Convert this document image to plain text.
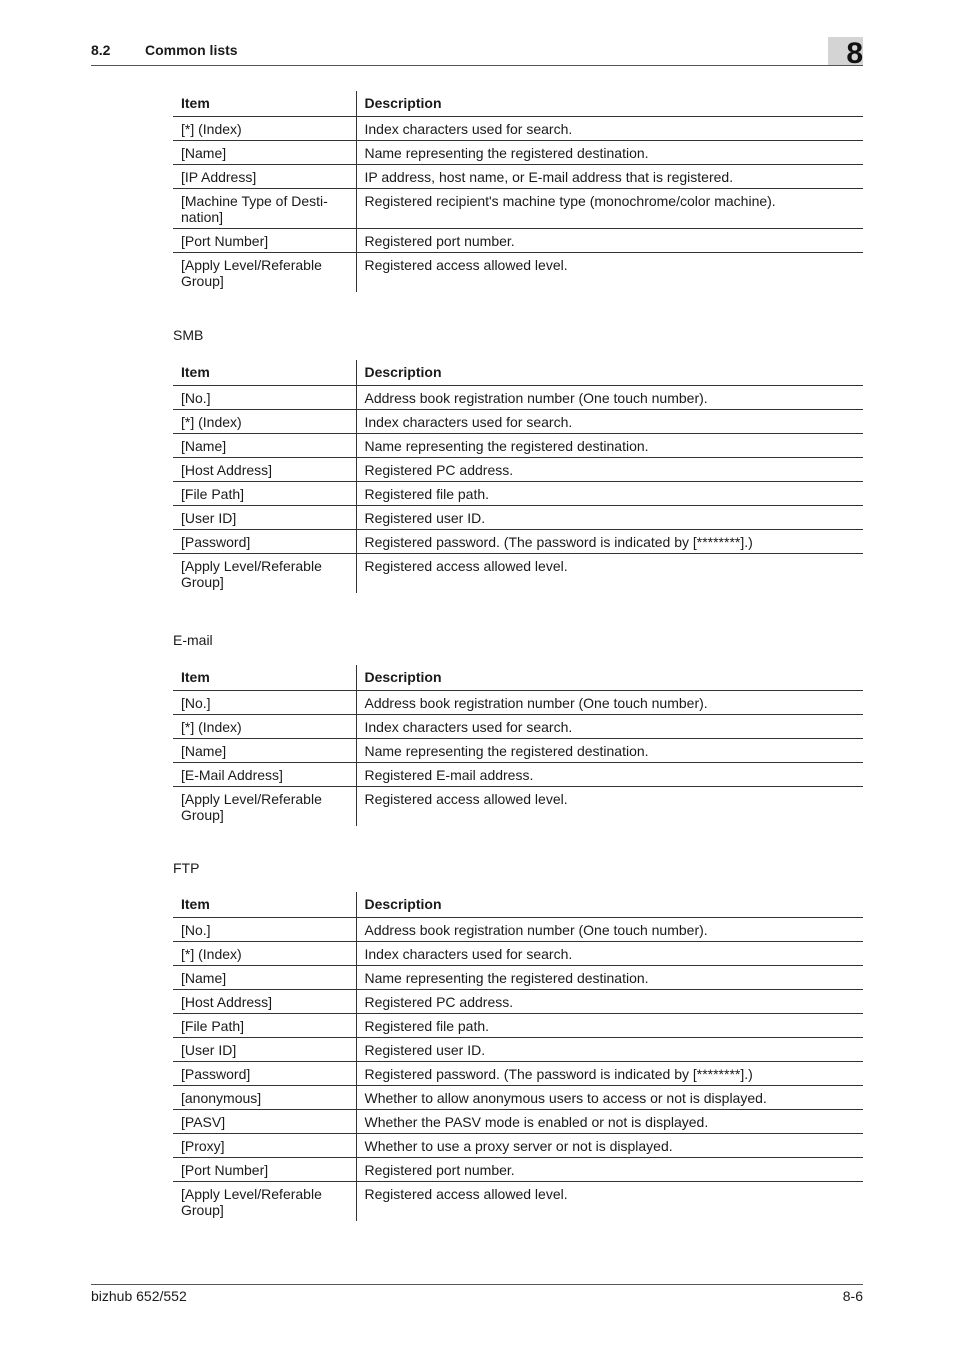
8.2 Common lists	8
Item	Description
[*] (Index)	Index characters used for search.
[Name]	Name representing the registered destination.
[IP Address]	IP address, host name, or E-mail address that is registered.
[Machine Type of Desti-
nation]	Registered recipient's machine type (monochrome/color machine).
[Port Number]	Registered port number.
[Apply Level/Referable
Group]	Registered access allowed level.
SMB
Item	Description
[No.]	Address book registration number (One touch number).
[*] (Index)	Index characters used for search.
[Name]	Name representing the registered destination.
[Host Address]	Registered PC address.
[File Path]	Registered file path.
[User ID]	Registered user ID.
[Password]	Registered password. (The password is indicated by [********].)
[Apply Level/Referable
Group]	Registered access allowed level.
E-mail
Item	Description
[No.]	Address book registration number (One touch number).
[*] (Index)	Index characters used for search.
[Name]	Name representing the registered destination.
[E-Mail Address]	Registered E-mail address.
[Apply Level/Referable
Group]	Registered access allowed level.
FTP
Item	Description
[No.]	Address book registration number (One touch number).
[*] (Index)	Index characters used for search.
[Name]	Name representing the registered destination.
[Host Address]	Registered PC address.
[File Path]	Registered file path.
[User ID]	Registered user ID.
[Password]	Registered password. (The password is indicated by [********].)
[anonymous]	Whether to allow anonymous users to access or not is displayed.
[PASV]	Whether the PASV mode is enabled or not is displayed.
[Proxy]	Whether to use a proxy server or not is displayed.
[Port Number]	Registered port number.
[Apply Level/Referable
Group]	Registered access allowed level.
bizhub 652/552	8-6
